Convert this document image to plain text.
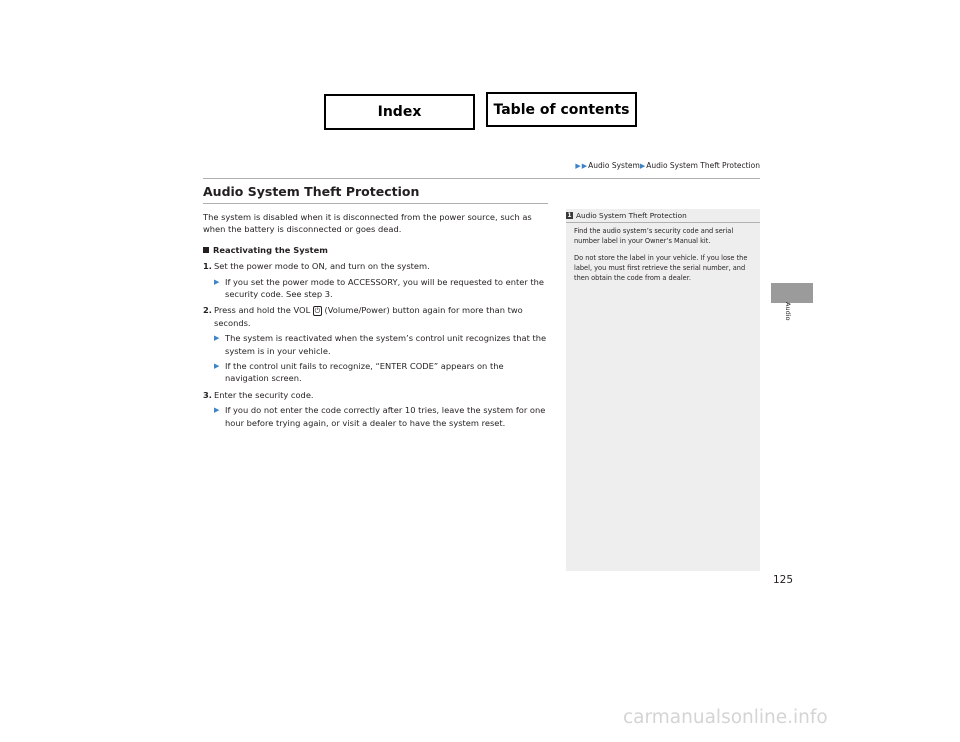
Index	Table of contents
▶ ▶ Audio System ▶ Audio System Theft Protection
Audio
Audio System Theft Protection

The system is disabled when it is disconnected from the power source, such as when the battery is disconnected or goes dead.

Reactivating the System

1. Set the power mode to ON, and turn on the system.
▶ If you set the power mode to ACCESSORY, you will be requested to enter the security code. See step 3.
2. Press and hold the VOL ⏻ (Volume/Power) button again for more than two seconds.
▶ The system is reactivated when the system’s control unit recognizes that the system is in your vehicle.
▶ If the control unit fails to recognize, “ENTER CODE” appears on the navigation screen.
3. Enter the security code.
▶ If you do not enter the code correctly after 10 tries, leave the system for one hour before trying again, or visit a dealer to have the system reset.
1 Audio System Theft Protection

Find the audio system’s security code and serial number label in your Owner’s Manual kit.

Do not store the label in your vehicle. If you lose the label, you must first retrieve the serial number, and then obtain the code from a dealer.

125
carmanualsonline.info
